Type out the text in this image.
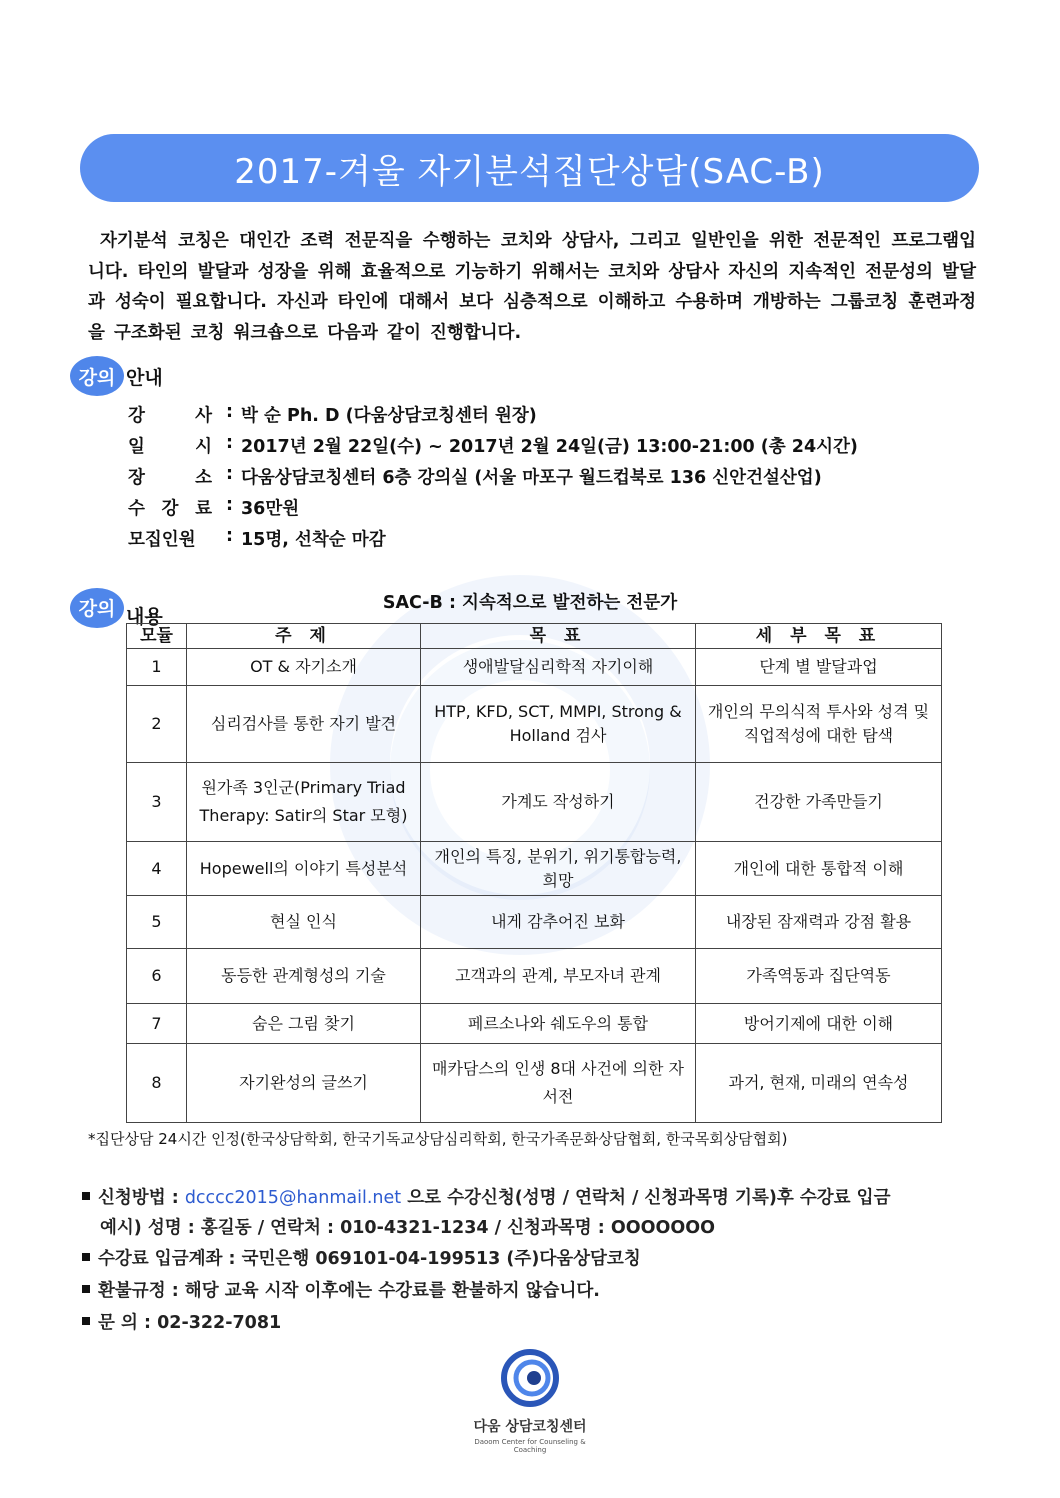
2017-겨울 자기분석집단상담(SAC-B)
자기분석 코칭은 대인간 조력 전문직을 수행하는 코치와 상담사, 그리고 일반인을 위한 전문적인 프로그램입니다. 타인의 발달과 성장을 위해 효율적으로 기능하기 위해서는 코치와 상담사 자신의 지속적인 전문성의 발달과 성숙이 필요합니다. 자신과 타인에 대해서 보다 심층적으로 이해하고 수용하며 개방하는 그룹코칭 훈련과정을 구조화된 코칭 워크숍으로 다음과 같이 진행합니다.
강의 안내
강	사 : 박 순 Ph. D (다움상담코칭센터 원장)
일	시 : 2017년 2월 22일(수) ~ 2017년 2월 24일(금) 13:00-21:00 (총 24시간)
장	소 : 다움상담코칭센터 6층 강의실 (서울 마포구 월드컵북로 136 신안건설산업)
수 강 료 : 36만원
모집인원 : 15명, 선착순 마감
강의 내용
SAC-B : 지속적으로 발전하는 전문가
모듈	주 제	목 표	세 부 목 표
1	OT & 자기소개	생애발달심리학적 자기이해	단계 별 발달과업
2	심리검사를 통한 자기 발견	HTP, KFD, SCT, MMPI, Strong & Holland 검사	개인의 무의식적 투사와 성격 및 직업적성에 대한 탐색
3	원가족 3인군(Primary Triad Therapy: Satir의 Star 모형)	가계도 작성하기	건강한 가족만들기
4	Hopewell의 이야기 특성분석	개인의 특징, 분위기, 위기통합능력, 희망	개인에 대한 통합적 이해
5	현실 인식	내게 감추어진 보화	내장된 잠재력과 강점 활용
6	동등한 관계형성의 기술	고객과의 관계, 부모자녀 관계	가족역동과 집단역동
7	숨은 그림 찾기	페르소나와 쉐도우의 통합	방어기제에 대한 이해
8	자기완성의 글쓰기	매카담스의 인생 8대 사건에 의한 자서전	과거, 현재, 미래의 연속성
*집단상담 24시간 인정(한국상담학회, 한국기독교상담심리학회, 한국가족문화상담협회, 한국목회상담협회)
신청방법 : dcccc2015@hanmail.net 으로 수강신청(성명 / 연락처 / 신청과목명 기록)후 수강료 입금
예시) 성명 : 홍길동 / 연락처 : 010-4321-1234 / 신청과목명 : OOOOOOO
수강료 입금계좌 : 국민은행 069101-04-199513 (주)다움상담코칭
환불규정 : 해당 교육 시작 이후에는 수강료를 환불하지 않습니다.
문 의 : 02-322-7081
다움 상담코칭센터
Daoom Center for Counseling & Coaching
